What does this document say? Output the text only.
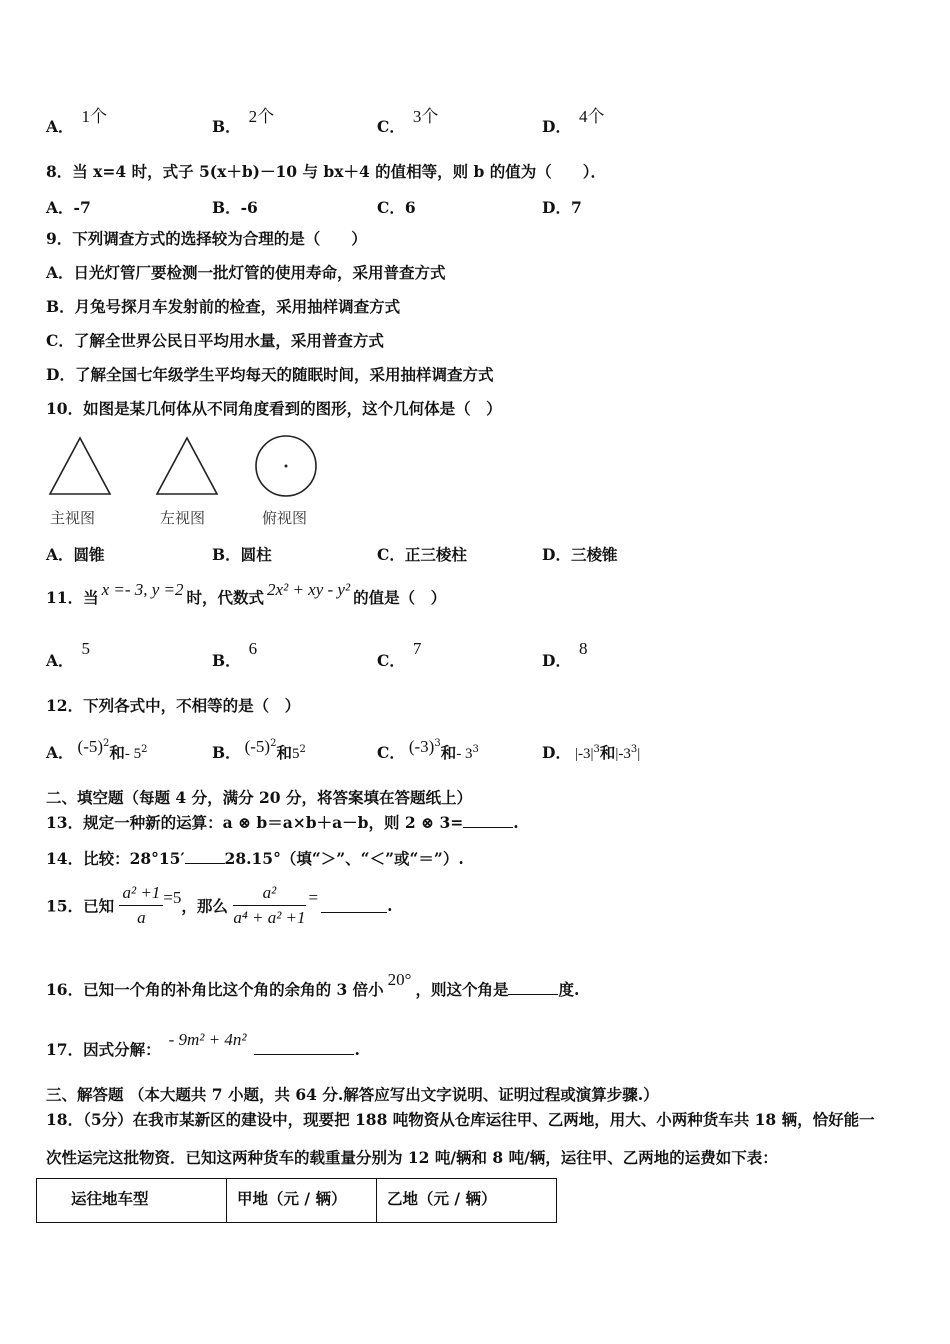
A．1个
B．2个
C．3个
D．4个
8．当 x=4 时，式子 5(x＋b)－10 与 bx＋4 的值相等，则 b 的值为（　　）．
A．-7	B．-6	C．6	D．7
9．下列调查方式的选择较为合理的是（　　）
A．日光灯管厂要检测一批灯管的使用寿命，采用普查方式
B．月兔号探月车发射前的检查，采用抽样调查方式
C．了解全世界公民日平均用水量，采用普查方式
D．了解全国七年级学生平均每天的随眠时间，采用抽样调查方式
10．如图是某几何体从不同角度看到的图形，这个几何体是（　）
主视图	左视图	俯视图
A．圆锥	B．圆柱	C．正三棱柱	D．三棱锥
11．当 x =- 3, y =2 时，代数式 2x² + xy - y² 的值是（　）
A．5
B．6
C．7
D．8
12．下列各式中，不相等的是（　）
A． $(-5)^2$和- $5^2$	B． $(-5)^2$和$5^2$	C． $(-3)^3$和- $3^3$	D． $|-3|^3$和$|-3^3|$
二、填空题（每题 4 分，满分 20 分，将答案填在答题纸上）
13．规定一种新的运算：a ⊗ b＝a×b＋a－b，则 2 ⊗ 3=	.
14．比较：28°15′	28.15°（填“＞”、“＜”或“＝”）.
15．已知 $\frac{\text{a² +1}}{a} =5$，那么 $\frac{\text{a²}}{\text{a⁴ + a² +1}}$ =	.
16．已知一个角的补角比这个角的余角的 3 倍小20°，则这个角是	度.
17．因式分解：- 9m² + 4n².
三、解答题 （本大题共 7 小题，共 64 分.解答应写出文字说明、证明过程或演算步骤.）
18．（5分）在我市某新区的建设中，现要把 188 吨物资从仓库运往甲、乙两地，用大、小两种货车共 18 辆，恰好能一
次性运完这批物资．已知这两种货车的载重量分别为 12 吨/辆和 8 吨/辆，运往甲、乙两地的运费如下表：
运往地车型	甲地（元 / 辆）	乙地（元 / 辆）
